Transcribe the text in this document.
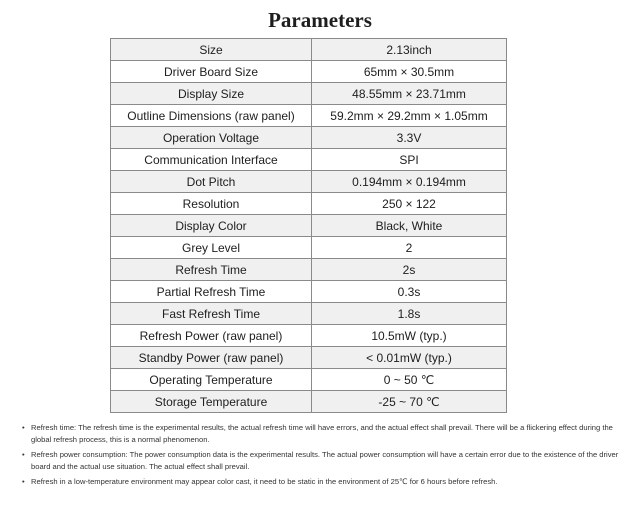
Parameters
Size	2.13inch
Driver Board Size	65mm × 30.5mm
Display Size	48.55mm × 23.71mm
Outline Dimensions (raw panel)	59.2mm × 29.2mm × 1.05mm
Operation Voltage	3.3V
Communication Interface	SPI
Dot Pitch	0.194mm × 0.194mm
Resolution	250 × 122
Display Color	Black, White
Grey Level	2
Refresh Time	2s
Partial Refresh Time	0.3s
Fast Refresh Time	1.8s
Refresh Power (raw panel)	10.5mW (typ.)
Standby Power (raw panel)	< 0.01mW (typ.)
Operating Temperature	0 ~ 50 ℃
Storage Temperature	-25 ~ 70 ℃
• Refresh time: The refresh time is the experimental results, the actual refresh time will have errors, and the actual effect shall prevail. There will be a flickering effect during the global refresh process, this is a normal phenomenon.
• Refresh power consumption: The power consumption data is the experimental results. The actual power consumption will have a certain error due to the existence of the driver board and the actual use situation. The actual effect shall prevail.
• Refresh in a low-temperature environment may appear color cast, it need to be static in the environment of 25℃ for 6 hours before refresh.
